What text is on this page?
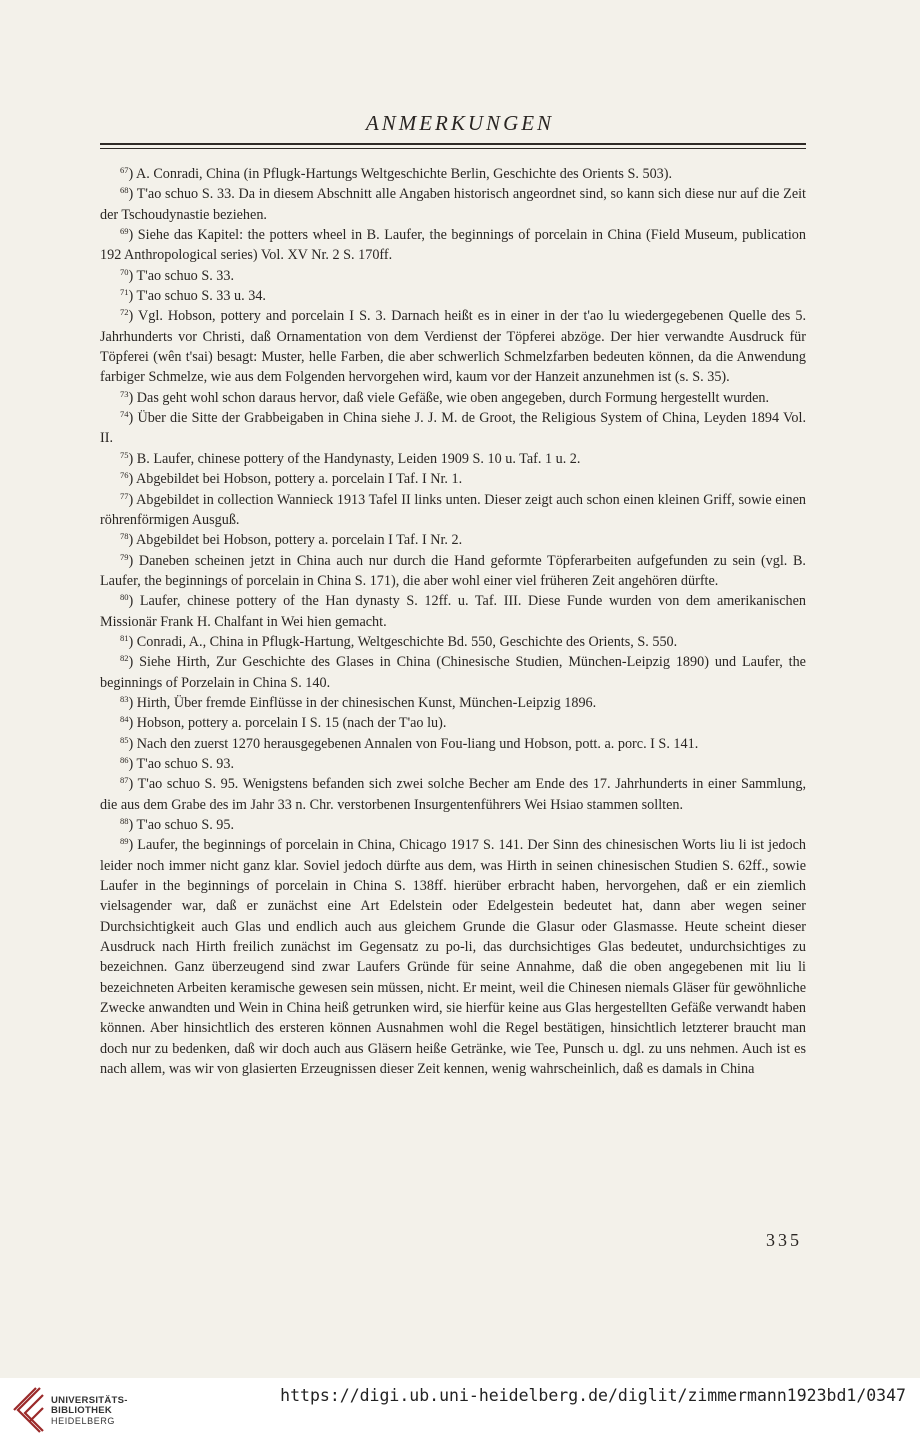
ANMERKUNGEN

$^{67}$) A. Conradi, China (in Pflugk-Hartungs Weltgeschichte Berlin, Geschichte des Orients S. 503).

$^{68}$) T'ao schuo S. 33. Da in diesem Abschnitt alle Angaben historisch angeordnet sind, so kann sich diese nur auf die Zeit der Tschoudynastie beziehen.

$^{69}$) Siehe das Kapitel: the potters wheel in B. Laufer, the beginnings of porcelain in China (Field Museum, publication 192 Anthropological series) Vol. XV Nr. 2 S. 170ff.

$^{70}$) T'ao schuo S. 33.

$^{71}$) T'ao schuo S. 33 u. 34.

$^{72}$) Vgl. Hobson, pottery and porcelain I S. 3. Darnach heißt es in einer in der t'ao lu wiedergegebenen Quelle des 5. Jahrhunderts vor Christi, daß Ornamentation von dem Verdienst der Töpferei abzöge. Der hier verwandte Ausdruck für Töpferei (wên t'sai) besagt: Muster, helle Farben, die aber schwerlich Schmelzfarben bedeuten können, da die Anwendung farbiger Schmelze, wie aus dem Folgenden hervorgehen wird, kaum vor der Hanzeit anzunehmen ist (s. S. 35).

$^{73}$) Das geht wohl schon daraus hervor, daß viele Gefäße, wie oben angegeben, durch Formung hergestellt wurden.

$^{74}$) Über die Sitte der Grabbeigaben in China siehe J. J. M. de Groot, the Religious System of China, Leyden 1894 Vol. II.

$^{75}$) B. Laufer, chinese pottery of the Handynasty, Leiden 1909 S. 10 u. Taf. 1 u. 2.

$^{76}$) Abgebildet bei Hobson, pottery a. porcelain I Taf. I Nr. 1.

$^{77}$) Abgebildet in collection Wannieck 1913 Tafel II links unten. Dieser zeigt auch schon einen kleinen Griff, sowie einen röhrenförmigen Ausguß.

$^{78}$) Abgebildet bei Hobson, pottery a. porcelain I Taf. I Nr. 2.

$^{79}$) Daneben scheinen jetzt in China auch nur durch die Hand geformte Töpferarbeiten aufgefunden zu sein (vgl. B. Laufer, the beginnings of porcelain in China S. 171), die aber wohl einer viel früheren Zeit angehören dürfte.

$^{80}$) Laufer, chinese pottery of the Han dynasty S. 12ff. u. Taf. III. Diese Funde wurden von dem amerikanischen Missionär Frank H. Chalfant in Wei hien gemacht.

$^{81}$) Conradi, A., China in Pflugk-Hartung, Weltgeschichte Bd. 550, Geschichte des Orients, S. 550.

$^{82}$) Siehe Hirth, Zur Geschichte des Glases in China (Chinesische Studien, München-Leipzig 1890) und Laufer, the beginnings of Porzelain in China S. 140.

$^{83}$) Hirth, Über fremde Einflüsse in der chinesischen Kunst, München-Leipzig 1896.

$^{84}$) Hobson, pottery a. porcelain I S. 15 (nach der T'ao lu).

$^{85}$) Nach den zuerst 1270 herausgegebenen Annalen von Fou-liang und Hobson, pott. a. porc. I S. 141.

$^{86}$) T'ao schuo S. 93.

$^{87}$) T'ao schuo S. 95. Wenigstens befanden sich zwei solche Becher am Ende des 17. Jahrhunderts in einer Sammlung, die aus dem Grabe des im Jahr 33 n. Chr. verstorbenen Insurgentenführers Wei Hsiao stammen sollten.

$^{88}$) T'ao schuo S. 95.

$^{89}$) Laufer, the beginnings of porcelain in China, Chicago 1917 S. 141. Der Sinn des chinesischen Worts liu li ist jedoch leider noch immer nicht ganz klar. Soviel jedoch dürfte aus dem, was Hirth in seinen chinesischen Studien S. 62ff., sowie Laufer in the beginnings of porcelain in China S. 138ff. hierüber erbracht haben, hervorgehen, daß er ein ziemlich vielsagender war, daß er zunächst eine Art Edelstein oder Edelgestein bedeutet hat, dann aber wegen seiner Durchsichtigkeit auch Glas und endlich auch aus gleichem Grunde die Glasur oder Glasmasse. Heute scheint dieser Ausdruck nach Hirth freilich zunächst im Gegensatz zu po-li, das durchsichtiges Glas bedeutet, undurchsichtiges zu bezeichnen. Ganz überzeugend sind zwar Laufers Gründe für seine Annahme, daß die oben angegebenen mit liu li bezeichneten Arbeiten keramische gewesen sein müssen, nicht. Er meint, weil die Chinesen niemals Gläser für gewöhnliche Zwecke anwandten und Wein in China heiß getrunken wird, sie hierfür keine aus Glas hergestellten Gefäße verwandt haben können. Aber hinsichtlich des ersteren können Ausnahmen wohl die Regel bestätigen, hinsichtlich letzterer braucht man doch nur zu bedenken, daß wir doch auch aus Gläsern heiße Getränke, wie Tee, Punsch u. dgl. zu uns nehmen. Auch ist es nach allem, was wir von glasierten Erzeugnissen dieser Zeit kennen, wenig wahrscheinlich, daß es damals in China

335
UNIVERSITÄTS-
BIBLIOTHEK
HEIDELBERG
https://digi.ub.uni-heidelberg.de/diglit/zimmermann1923bd1/0347
